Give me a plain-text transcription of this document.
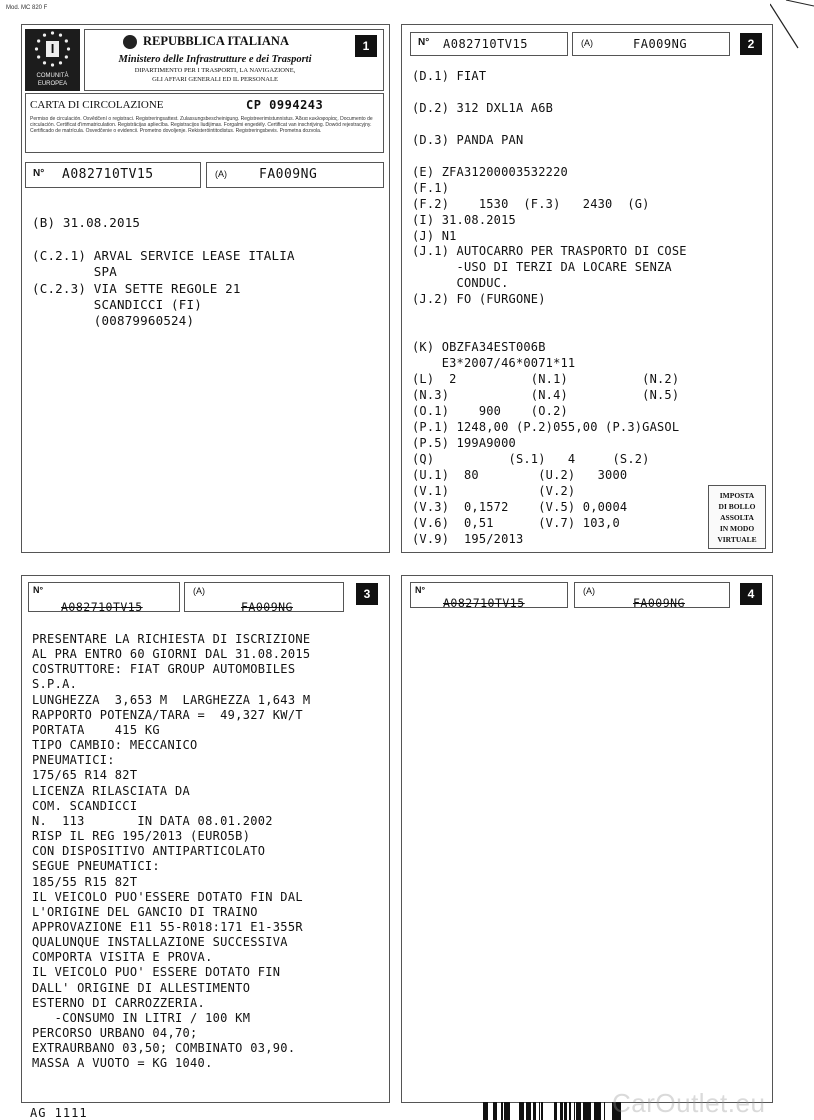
Mod. MC 820 F
I
COMUNITÀ
EUROPEA
REPUBBLICA ITALIANA
Ministero delle Infrastrutture e dei Trasporti
DIPARTIMENTO PER I TRASPORTI, LA NAVIGAZIONE,
GLI AFFARI GENERALI ED IL PERSONALE
1
CARTA DI CIRCOLAZIONE	CP 0994243
Permiso de circulación. Osvědčení o registraci. Registreringsattest. Zulassungsbescheinigung. Registreerimistunnistus. Άδεια κυκλοφορίας. Documento de circulación. Certificat d'immatriculation. Registrācijas apliecība. Registracijos liudijimas. Forgalmi engedély. Certificat van inschrijving. Dowód rejestracyjny. Certificado de matrícula. Osvedčenie o evidencii. Prometno dovoljenje. Rekisteröintitodistus. Registreringsbevis. Prometna dozvola.
N° A082710TV15	(A) FA009NG
(B) 31.08.2015

(C.2.1) ARVAL SERVICE LEASE ITALIA
SPA
(C.2.3) VIA SETTE REGOLE 21
SCANDICCI (FI)
(00879960524)
N° A082710TV15	(A)	FA009NG	2
(D.1) FIAT

(D.2) 312 DXL1A A6B

(D.3) PANDA PAN

(E) ZFA31200003532220
(F.1)
(F.2)    1530  (F.3)   2430  (G)
(I) 31.08.2015
(J) N1
(J.1) AUTOCARRO PER TRASPORTO DI COSE
-USO DI TERZI DA LOCARE SENZA
CONDUC.
(J.2) FO (FURGONE)

(K) OBZFA34EST006B
E3*2007/46*0071*11
(L)  2          (N.1)          (N.2)
(N.3)           (N.4)          (N.5)
(O.1)    900    (O.2)
(P.1) 1248,00 (P.2)055,00 (P.3)GASOL
(P.5) 199A9000
(Q)          (S.1)   4     (S.2)
(U.1)  80        (U.2)   3000
(V.1)            (V.2)
(V.3)  0,1572    (V.5) 0,0004
(V.6)  0,51      (V.7) 103,0
(V.9)  195/2013
IMPOSTA
DI BOLLO
ASSOLTA
IN MODO
VIRTUALE
N°
A082710TV15
(A)
FA009NG
3
PRESENTARE LA RICHIESTA DI ISCRIZIONE
AL PRA ENTRO 60 GIORNI DAL 31.08.2015
COSTRUTTORE: FIAT GROUP AUTOMOBILES
S.P.A.
LUNGHEZZA  3,653 M  LARGHEZZA 1,643 M
RAPPORTO POTENZA/TARA =  49,327 KW/T
PORTATA    415 KG
TIPO CAMBIO: MECCANICO
PNEUMATICI:
175/65 R14 82T
LICENZA RILASCIATA DA
COM. SCANDICCI
N.  113       IN DATA 08.01.2002
RISP IL REG 195/2013 (EURO5B)
CON DISPOSITIVO ANTIPARTICOLATO
SEGUE PNEUMATICI:
185/55 R15 82T
IL VEICOLO PUO'ESSERE DOTATO FIN DAL
L'ORIGINE DEL GANCIO DI TRAINO
APPROVAZIONE E11 55-R018:171 E1-355R
QUALUNQUE INSTALLAZIONE SUCCESSIVA
COMPORTA VISITA E PROVA.
IL VEICOLO PUO' ESSERE DOTATO FIN
DALL' ORIGINE DI ALLESTIMENTO
ESTERNO DI CARROZZERIA.
-CONSUMO IN LITRI / 100 KM
PERCORSO URBANO 04,70;
EXTRAURBANO 03,50; COMBINATO 03,90.
MASSA A VUOTO = KG 1040.
N°
A082710TV15
(A)
FA009NG
4
AG 1111	CarOutlet.eu
